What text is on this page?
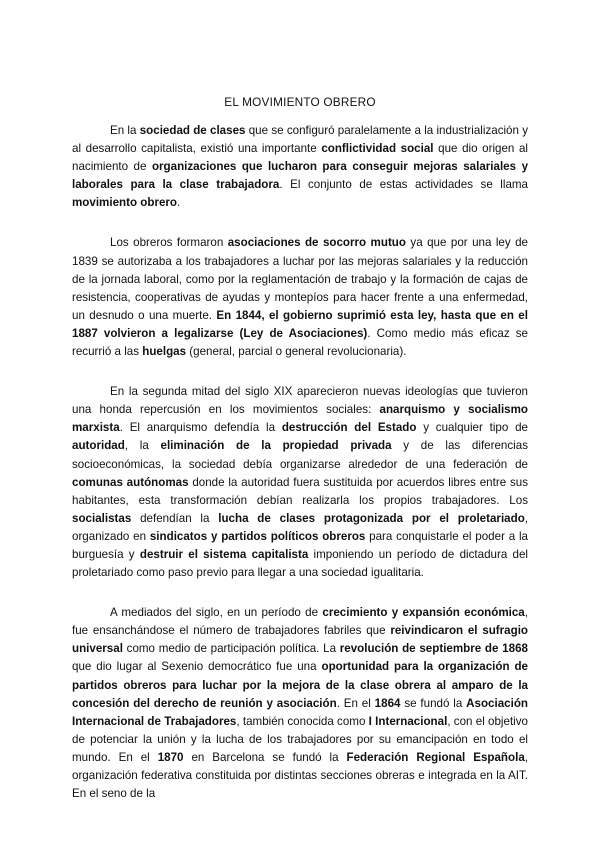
EL MOVIMIENTO OBRERO

En la sociedad de clases que se configuró paralelamente a la industrialización y al desarrollo capitalista, existió una importante conflictividad social que dio origen al nacimiento de organizaciones que lucharon para conseguir mejoras salariales y laborales para la clase trabajadora. El conjunto de estas actividades se llama movimiento obrero.

Los obreros formaron asociaciones de socorro mutuo ya que por una ley de 1839 se autorizaba a los trabajadores a luchar por las mejoras salariales y la reducción de la jornada laboral, como por la reglamentación de trabajo y la formación de cajas de resistencia, cooperativas de ayudas y montepíos para hacer frente a una enfermedad, un desnudo o una muerte. En 1844, el gobierno suprimió esta ley, hasta que en el 1887 volvieron a legalizarse (Ley de Asociaciones). Como medio más eficaz se recurrió a las huelgas (general, parcial o general revolucionaria).

En la segunda mitad del siglo XIX aparecieron nuevas ideologías que tuvieron una honda repercusión en los movimientos sociales: anarquismo y socialismo marxista. El anarquismo defendía la destrucción del Estado y cualquier tipo de autoridad, la eliminación de la propiedad privada y de las diferencias socioeconómicas, la sociedad debía organizarse alrededor de una federación de comunas autónomas donde la autoridad fuera sustituida por acuerdos libres entre sus habitantes, esta transformación debían realizarla los propios trabajadores. Los socialistas defendían la lucha de clases protagonizada por el proletariado, organizado en sindicatos y partidos políticos obreros para conquistarle el poder a la burguesía y destruir el sistema capitalista imponiendo un período de dictadura del proletariado como paso previo para llegar a una sociedad igualitaria.

A mediados del siglo, en un período de crecimiento y expansión económica, fue ensanchándose el número de trabajadores fabriles que reivindicaron el sufragio universal como medio de participación política. La revolución de septiembre de 1868 que dio lugar al Sexenio democrático fue una oportunidad para la organización de partidos obreros para luchar por la mejora de la clase obrera al amparo de la concesión del derecho de reunión y asociación. En el 1864 se fundó la Asociación Internacional de Trabajadores, también conocida como I Internacional, con el objetivo de potenciar la unión y la lucha de los trabajadores por su emancipación en todo el mundo. En el 1870 en Barcelona se fundó la Federación Regional Española, organización federativa constituida por distintas secciones obreras e integrada en la AIT. En el seno de la
